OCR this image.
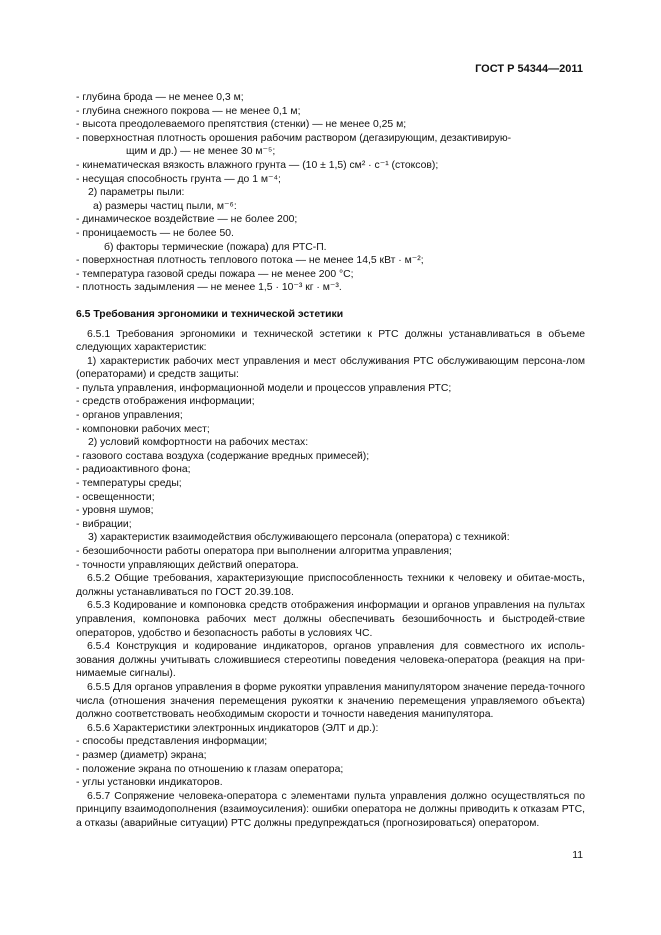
ГОСТ Р 54344—2011

- глубина брода — не менее 0,3 м;

- глубина снежного покрова — не менее 0,1 м;

- высота преодолеваемого препятствия (стенки) — не менее 0,25 м;

- поверхностная плотность орошения рабочим раствором (дегазирующим, дезактивирую-

щим и др.) — не менее 30 м⁻⁵;

- кинематическая вязкость влажного грунта — (10 ± 1,5) см² · с⁻¹ (стоксов);

- несущая способность грунта — до 1 м⁻⁴;

2) параметры пыли:

а) размеры частиц пыли, м⁻⁶:

- динамическое воздействие — не более 200;

- проницаемость — не более 50.

б) факторы термические (пожара) для РТС-П.

- поверхностная плотность теплового потока — не менее 14,5 кВт · м⁻²;

- температура газовой среды пожара — не менее 200 °С;

- плотность задымления — не менее 1,5 · 10⁻³ кг · м⁻³.

6.5 Требования эргономики и технической эстетики

6.5.1 Требования эргономики и технической эстетики к РТС должны устанавливаться в объеме следующих характеристик:

1) характеристик рабочих мест управления и мест обслуживания РТС обслуживающим персона-лом (операторами) и средств защиты:

- пульта управления, информационной модели и процессов управления РТС;

- средств отображения информации;

- органов управления;

- компоновки рабочих мест;

2) условий комфортности на рабочих местах:

- газового состава воздуха (содержание вредных примесей);

- радиоактивного фона;

- температуры среды;

- освещенности;

- уровня шумов;

- вибрации;

3) характеристик взаимодействия обслуживающего персонала (оператора) с техникой:

- безошибочности работы оператора при выполнении алгоритма управления;

- точности управляющих действий оператора.

6.5.2 Общие требования, характеризующие приспособленность техники к человеку и обитае-мость, должны устанавливаться по ГОСТ 20.39.108.

6.5.3 Кодирование и компоновка средств отображения информации и органов управления на пультах управления, компоновка рабочих мест должны обеспечивать безошибочность и быстродей-ствие операторов, удобство и безопасность работы в условиях ЧС.

6.5.4 Конструкция и кодирование индикаторов, органов управления для совместного их исполь-зования должны учитывать сложившиеся стереотипы поведения человека-оператора (реакция на при-нимаемые сигналы).

6.5.5 Для органов управления в форме рукоятки управления манипулятором значение переда-точного числа (отношения значения перемещения рукоятки к значению перемещения управляемого объекта) должно соответствовать необходимым скорости и точности наведения манипулятора.

6.5.6 Характеристики электронных индикаторов (ЭЛТ и др.):

- способы представления информации;

- размер (диаметр) экрана;

- положение экрана по отношению к глазам оператора;

- углы установки индикаторов.

6.5.7 Сопряжение человека-оператора с элементами пульта управления должно осуществляться по принципу взаимодополнения (взаимоусиления): ошибки оператора не должны приводить к отказам РТС, а отказы (аварийные ситуации) РТС должны предупреждаться (прогнозироваться) оператором.

11
